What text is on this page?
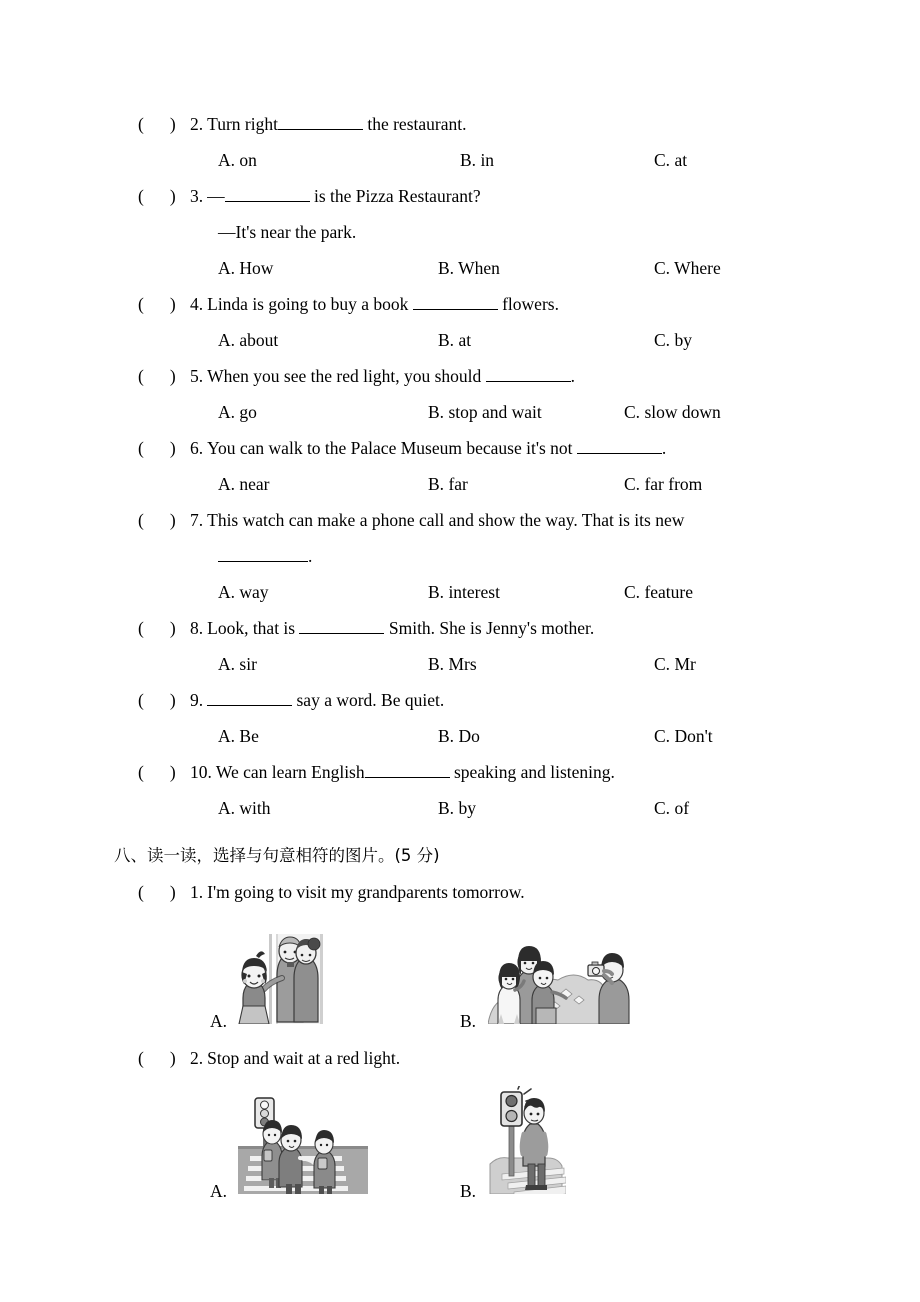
( ) 2. Turn right	the restaurant.
A. on	B. in	C. at
( ) 3. —	is the Pizza Restaurant?
—It's near the park.
A. How	B. When	C. Where
( ) 4. Linda is going to buy a book	flowers.
A. about	B. at	C. by
( ) 5. When you see the red light, you should	.
A. go	B. stop and wait	C. slow down
( ) 6. You can walk to the Palace Museum because it's not	.
A. near	B. far	C. far from
( ) 7. This watch can make a phone call and show the way. That is its new
.
A. way	B. interest	C. feature
( ) 8. Look, that is	Smith. She is Jenny's mother.
A. sir	B. Mrs	C. Mr
( ) 9.	say a word. Be quiet.
A. Be	B. Do	C. Don't
( ) 10. We can learn English	speaking and listening.
A. with	B. by	C. of
八、读一读，选择与句意相符的图片。(5 分)
( ) 1. I'm going to visit my grandparents tomorrow.
A.	B.
( ) 2. Stop and wait at a red light.
A.	B.
